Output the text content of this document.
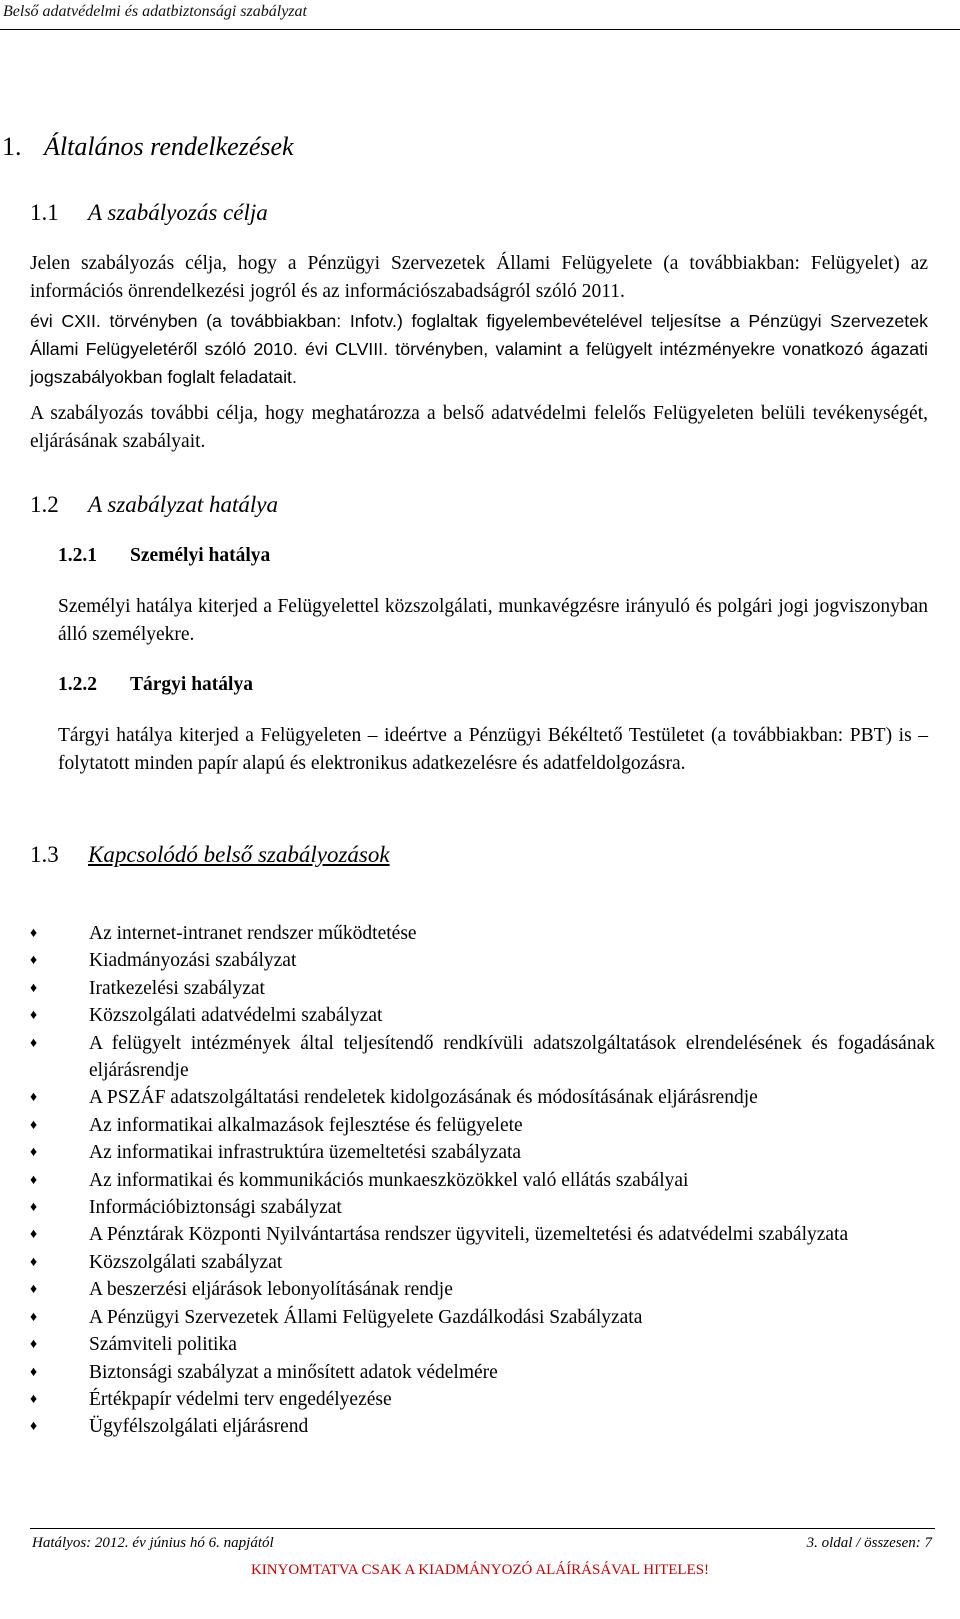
Belső adatvédelmi és adatbiztonsági szabályzat
1. Általános rendelkezések
1.1 A szabályozás célja
Jelen szabályozás célja, hogy a Pénzügyi Szervezetek Állami Felügyelete (a továbbiakban: Felügyelet) az információs önrendelkezési jogról és az információszabadságról szóló 2011.
évi CXII. törvényben (a továbbiakban: Infotv.) foglaltak figyelembevételével teljesítse a Pénzügyi Szervezetek Állami Felügyeletéről szóló 2010. évi CLVIII. törvényben, valamint a felügyelt intézményekre vonatkozó ágazati jogszabályokban foglalt feladatait.
A szabályozás további célja, hogy meghatározza a belső adatvédelmi felelős Felügyeleten belüli tevékenységét, eljárásának szabályait.
1.2 A szabályzat hatálya
1.2.1 Személyi hatálya
Személyi hatálya kiterjed a Felügyelettel közszolgálati, munkavégzésre irányuló és polgári jogi jogviszonyban álló személyekre.
1.2.2 Tárgyi hatálya
Tárgyi hatálya kiterjed a Felügyeleten – ideértve a Pénzügyi Békéltető Testületet (a továbbiakban: PBT) is – folytatott minden papír alapú és elektronikus adatkezelésre és adatfeldolgozásra.
1.3 Kapcsolódó belső szabályozások
♦	Az internet-intranet rendszer működtetése
♦	Kiadmányozási szabályzat
♦	Iratkezelési szabályzat
♦	Közszolgálati adatvédelmi szabályzat
♦	A felügyelt intézmények által teljesítendő rendkívüli adatszolgáltatások elrendelésének és fogadásának eljárásrendje
♦	A PSZÁF adatszolgáltatási rendeletek kidolgozásának és módosításának eljárásrendje
♦	Az informatikai alkalmazások fejlesztése és felügyelete
♦	Az informatikai infrastruktúra üzemeltetési szabályzata
♦	Az informatikai és kommunikációs munkaeszközökkel való ellátás szabályai
♦	Információbiztonsági szabályzat
♦	A Pénztárak Központi Nyilvántartása rendszer ügyviteli, üzemeltetési és adatvédelmi szabályzata
♦	Közszolgálati szabályzat
♦	A beszerzési eljárások lebonyolításának rendje
♦	A Pénzügyi Szervezetek Állami Felügyelete Gazdálkodási Szabályzata
♦	Számviteli politika
♦	Biztonsági szabályzat a minősített adatok védelmére
♦	Értékpapír védelmi terv engedélyezése
♦	Ügyfélszolgálati eljárásrend
Hatályos: 2012. év június hó 6. napjától	3. oldal / összesen: 7
KINYOMTATVA CSAK A KIADMÁNYOZÓ ALÁÍRÁSÁVAL HITELES!
